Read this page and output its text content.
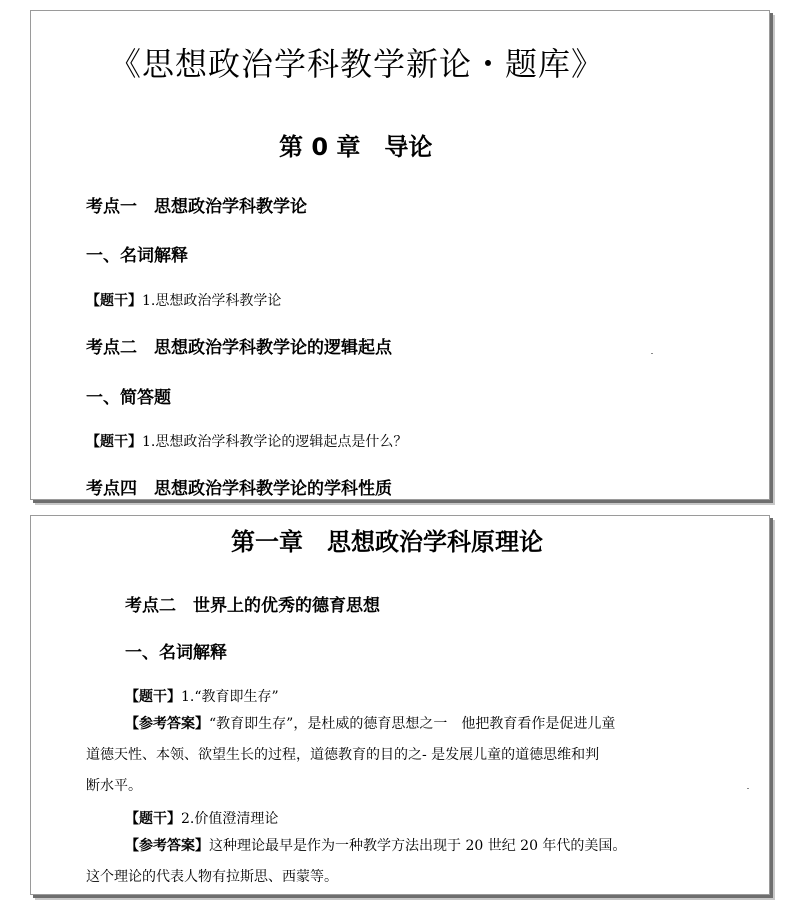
《思想政治学科教学新论・题库》
第 0 章　导论
考点一　思想政治学科教学论
一、名词解释
【题干】1.思想政治学科教学论
考点二　思想政治学科教学论的逻辑起点
一、简答题
【题干】1.思想政治学科教学论的逻辑起点是什么？
考点四　思想政治学科教学论的学科性质
第一章　思想政治学科原理论
考点二　世界上的优秀的德育思想
一、名词解释
【题干】1.“教育即生存”
【参考答案】“教育即生存”，是杜威的德育思想之一　他把教育看作是促进儿童
道德天性、本领、欲望生长的过程，道德教育的目的之- 是发展儿童的道德思维和判
断水平。
【题干】2.价值澄清理论
【参考答案】这种理论最早是作为一种教学方法出现于 20 世纪 20 年代的美国。
这个理论的代表人物有拉斯思、西蒙等。
